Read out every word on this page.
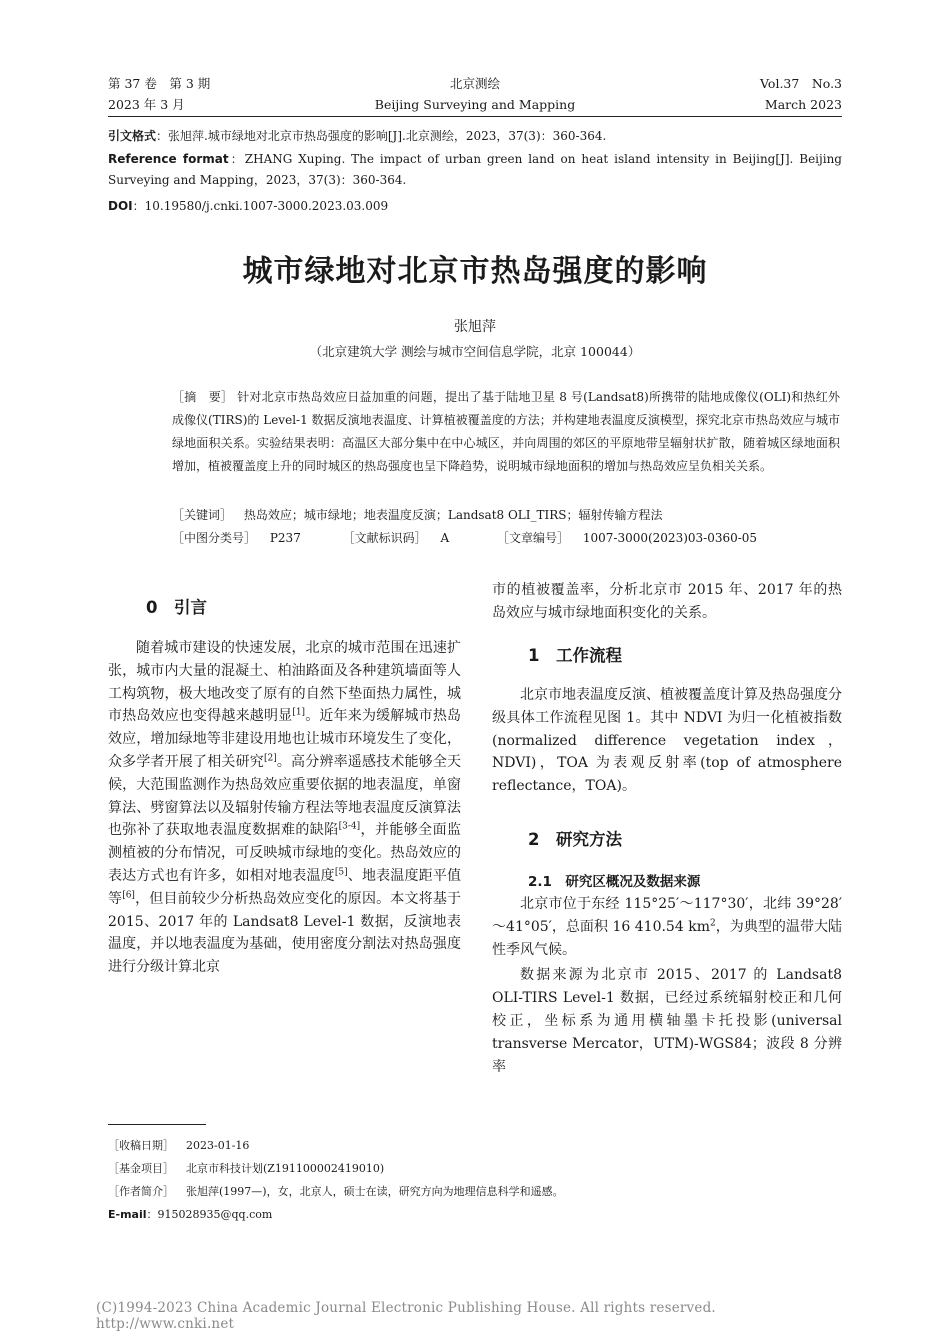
第 37 卷　第 3 期
2023 年 3 月
北京测绘
Beijing Surveying and Mapping
Vol.37　No.3
March 2023
引文格式：张旭萍.城市绿地对北京市热岛强度的影响[J].北京测绘，2023，37(3)：360-364.
Reference format：ZHANG Xuping. The impact of urban green land on heat island intensity in Beijing[J]. Beijing Surveying and Mapping，2023，37(3)：360-364.
DOI：10.19580/j.cnki.1007-3000.2023.03.009
城市绿地对北京市热岛强度的影响
张旭萍
（北京建筑大学 测绘与城市空间信息学院，北京 100044）
［摘　要］ 针对北京市热岛效应日益加重的问题，提出了基于陆地卫星 8 号(Landsat8)所携带的陆地成像仪(OLI)和热红外成像仪(TIRS)的 Level-1 数据反演地表温度、计算植被覆盖度的方法；并构建地表温度反演模型，探究北京市热岛效应与城市绿地面积关系。实验结果表明：高温区大部分集中在中心城区，并向周围的郊区的平原地带呈辐射状扩散，随着城区绿地面积增加，植被覆盖度上升的同时城区的热岛强度也呈下降趋势，说明城市绿地面积的增加与热岛效应呈负相关关系。
［关键词］ 热岛效应；城市绿地；地表温度反演；Landsat8 OLI_TIRS；辐射传输方程法
［中图分类号］ P237	［文献标识码］ A	［文章编号］ 1007-3000(2023)03-0360-05
0　引言

随着城市建设的快速发展，北京的城市范围在迅速扩张，城市内大量的混凝土、柏油路面及各种建筑墙面等人工构筑物，极大地改变了原有的自然下垫面热力属性，城市热岛效应也变得越来越明显[1]。近年来为缓解城市热岛效应，增加绿地等非建设用地也让城市环境发生了变化，众多学者开展了相关研究[2]。高分辨率遥感技术能够全天候，大范围监测作为热岛效应重要依据的地表温度，单窗算法、劈窗算法以及辐射传输方程法等地表温度反演算法也弥补了获取地表温度数据难的缺陷[3-4]，并能够全面监测植被的分布情况，可反映城市绿地的变化。热岛效应的表达方式也有许多，如相对地表温度[5]、地表温度距平值等[6]，但目前较少分析热岛效应变化的原因。本文将基于 2015、2017 年的 Landsat8 Level-1 数据，反演地表温度，并以地表温度为基础，使用密度分割法对热岛强度进行分级计算北京

市的植被覆盖率，分析北京市 2015 年、2017 年的热岛效应与城市绿地面积变化的关系。

1　工作流程

北京市地表温度反演、植被覆盖度计算及热岛强度分级具体工作流程见图 1。其中 NDVI 为归一化植被指数(normalized difference vegetation index，NDVI)，TOA 为表观反射率(top of atmosphere reflectance，TOA)。

2　研究方法
2.1　研究区概况及数据来源

北京市位于东经 115°25′～117°30′，北纬 39°28′～41°05′，总面积 16 410.54 $km^2$，为典型的温带大陆性季风气候。

数据来源为北京市 2015、2017 的 Landsat8 OLI-TIRS Level-1 数据，已经过系统辐射校正和几何校正，坐标系为通用横轴墨卡托投影(universal transverse Mercator，UTM)-WGS84；波段 8 分辨率

［收稿日期］ 2023-01-16
［基金项目］ 北京市科技计划(Z191100002419010)
［作者简介］ 张旭萍(1997—)，女，北京人，硕士在读，研究方向为地理信息科学和遥感。
E-mail：915028935@qq.com
(C)1994-2023 China Academic Journal Electronic Publishing House. All rights reserved.　　http://www.cnki.net
